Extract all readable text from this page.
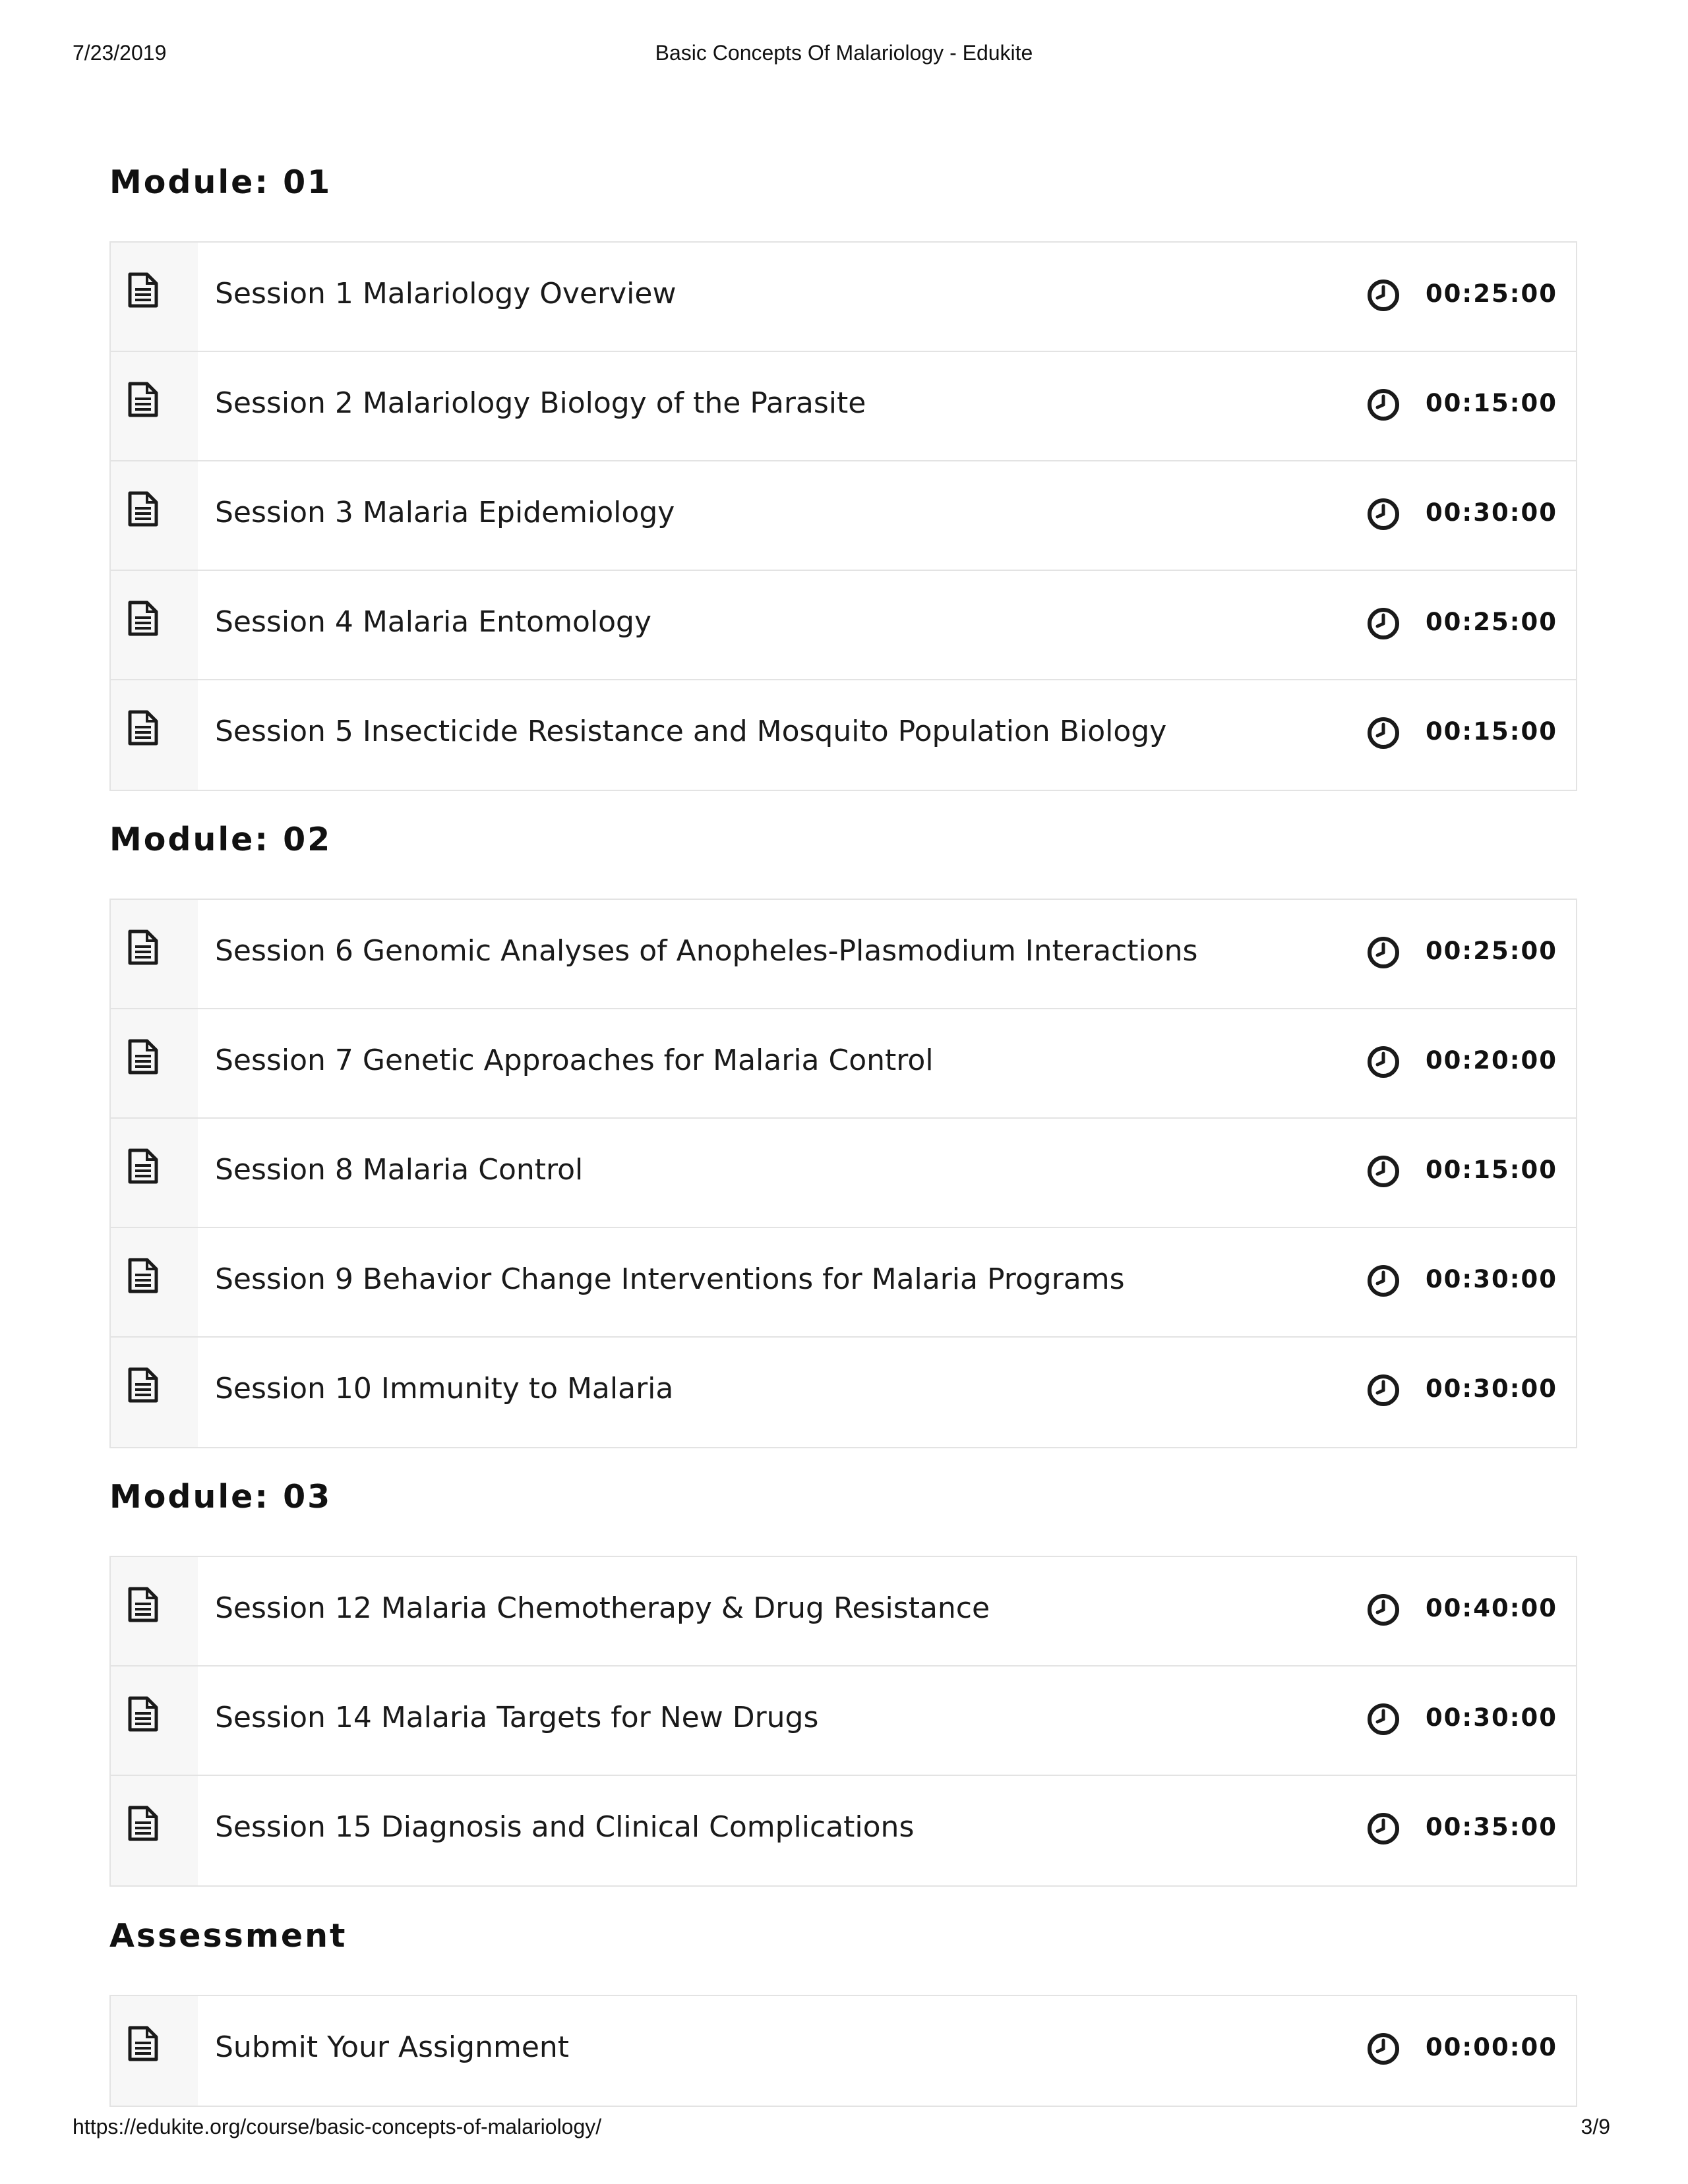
7/23/2019	Basic Concepts Of Malariology - Edukite
Module: 01
Session 1 Malariology Overview	00:25:00
Session 2 Malariology Biology of the Parasite	00:15:00
Session 3 Malaria Epidemiology	00:30:00
Session 4 Malaria Entomology	00:25:00
Session 5 Insecticide Resistance and Mosquito Population Biology	00:15:00
Module: 02
Session 6 Genomic Analyses of Anopheles-Plasmodium Interactions	00:25:00
Session 7 Genetic Approaches for Malaria Control	00:20:00
Session 8 Malaria Control	00:15:00
Session 9 Behavior Change Interventions for Malaria Programs	00:30:00
Session 10 Immunity to Malaria	00:30:00
Module: 03
Session 12 Malaria Chemotherapy & Drug Resistance	00:40:00
Session 14 Malaria Targets for New Drugs	00:30:00
Session 15 Diagnosis and Clinical Complications	00:35:00
Assessment
Submit Your Assignment	00:00:00
https://edukite.org/course/basic-concepts-of-malariology/	3/9
